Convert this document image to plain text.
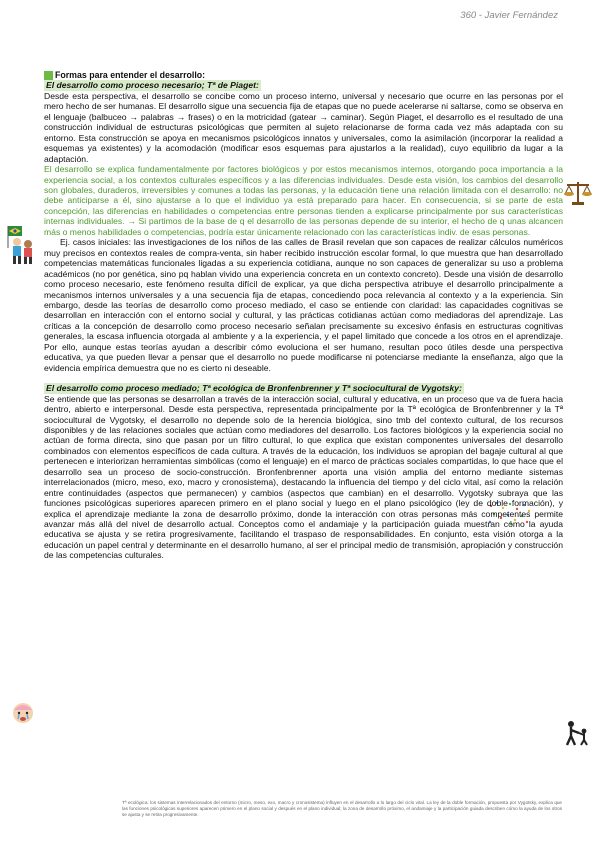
360 - Javier Fernández
Formas para entender el desarrollo:
El desarrollo como proceso necesario; Tª de Piaget:

Desde esta perspectiva, el desarrollo se concibe como un proceso interno, universal y necesario que ocurre en las personas por el mero hecho de ser humanas. El desarrollo sigue una secuencia fija de etapas que no puede acelerarse ni saltarse, como se observa en el lenguaje (balbuceo → palabras → frases) o en la motricidad (gatear → caminar). Según Piaget, el desarrollo es el resultado de una construcción individual de estructuras psicológicas que permiten al sujeto relacionarse de forma cada vez más adaptada con su entorno. Esta construcción se apoya en mecanismos psicológicos innatos y universales, como la asimilación (incorporar la realidad a esquemas ya existentes) y la acomodación (modificar esos esquemas para ajustarlos a la realidad), cuyo equilibrio da lugar a la adaptación.

El desarrollo se explica fundamentalmente por factores biológicos y por estos mecanismos internos, otorgando poca importancia a la experiencia social, a los contextos culturales específicos y a las diferencias individuales. Desde esta visión, los cambios del desarrollo son globales, duraderos, irreversibles y comunes a todas las personas, y la educación tiene una relación limitada con el desarrollo: no debe anticiparse a él, sino ajustarse a lo que el individuo ya está preparado para hacer. En consecuencia, si se parte de esta concepción, las diferencias en habilidades o competencias entre personas tienden a explicarse principalmente por sus características internas individuales. → Si partimos de la base de q el desarrollo de las personas depende de su interior, el hecho de q unas alcancen más o menos habilidades o competencias, podría estar únicamente relacionado con las características indiv. de esas personas.

Ej. casos iniciales: las investigaciones de los niños de las calles de Brasil revelan que son capaces de realizar cálculos numéricos muy precisos en contextos reales de compra-venta, sin haber recibido instrucción escolar formal, lo que muestra que han desarrollado competencias matemáticas funcionales ligadas a su experiencia cotidiana, aunque no son capaces de generalizar su uso a problema académicos (no por genética, sino pq hablan vivido una experiencia concreta en un contexto concreto). Desde una visión de desarrollo como proceso necesario, este fenómeno resulta difícil de explicar, ya que dicha perspectiva atribuye el desarrollo principalmente a mecanismos internos universales y a una secuencia fija de etapas, concediendo poca relevancia al contexto y a la experiencia. Sin embargo, desde las teorías de desarrollo como proceso mediado, el caso se entiende con claridad: las capacidades cognitivas se desarrollan en interacción con el entorno social y cultural, y las prácticas cotidianas actúan como mediadoras del aprendizaje. Las críticas a la concepción de desarrollo como proceso necesario señalan precisamente su excesivo énfasis en estructuras cognitivas generales, la escasa influencia otorgada al ambiente y a la experiencia, y el papel limitado que concede a los otros en el aprendizaje. Por ello, aunque estas teorías ayudan a describir cómo evoluciona el ser humano, resultan poco útiles desde una perspectiva educativa, ya que pueden llevar a pensar que el desarrollo no puede modificarse ni potenciarse mediante la enseñanza, algo que la evidencia empírica demuestra que no es cierto ni deseable.

El desarrollo como proceso mediado; Tª ecológica de Bronfenbrenner y Tª sociocultural de Vygotsky:

Se entiende que las personas se desarrollan a través de la interacción social, cultural y educativa, en un proceso que va de fuera hacia dentro, abierto e interpersonal. Desde esta perspectiva, representada principalmente por la Tª ecológica de Bronfenbrenner y la Tª sociocultural de Vygotsky, el desarrollo no depende solo de la herencia biológica, sino tmb del contexto cultural, de los recursos disponibles y de las relaciones sociales que actúan como mediadores del desarrollo. Los factores biológicos y la experiencia social no actúan de forma directa, sino que pasan por un filtro cultural, lo que explica que existan componentes universales del desarrollo combinados con elementos específicos de cada cultura. A través de la educación, los individuos se apropian del bagaje cultural al que pertenecen e interiorizan herramientas simbólicas (como el lenguaje) en el marco de prácticas sociales compartidas, lo que hace que el desarrollo sea un proceso de socio-construcción. Bronfenbrenner aporta una visión amplia del entorno mediante sistemas interrelacionados (micro, meso, exo, macro y cronosistema), destacando la influencia del tiempo y del ciclo vital, así como la relación entre continuidades (aspectos que permanecen) y cambios (aspectos que cambian) en el desarrollo. Vygotsky subraya que las funciones psicológicas superiores aparecen primero en el plano social y luego en el plano psicológico (ley de doble formación), y explica el aprendizaje mediante la zona de desarrollo próximo, donde la interacción con otras personas más competentes permite avanzar más allá del nivel de desarrollo actual. Conceptos como el andamiaje y la participación guiada muestran cómo la ayuda educativa se ajusta y se retira progresivamente, facilitando el traspaso de responsabilidades. En conjunto, esta visión otorga a la educación un papel central y determinante en el desarrollo humano, al ser el principal medio de transmisión, apropiación y construcción de las competencias culturales.

Tª ecológica: los sistemas interrelacionados del entorno (micro, meso, exo, macro y cronosistema) influyen en el desarrollo a lo largo del ciclo vital. La ley de la doble formación, propuesta por Vygotsky, explica que las funciones psicológicas superiores aparecen primero en el plano social y después en el plano individual; la zona de desarrollo próximo, el andamiaje y la participación guiada describen cómo la ayuda de los otros se ajusta y se retira progresivamente.
